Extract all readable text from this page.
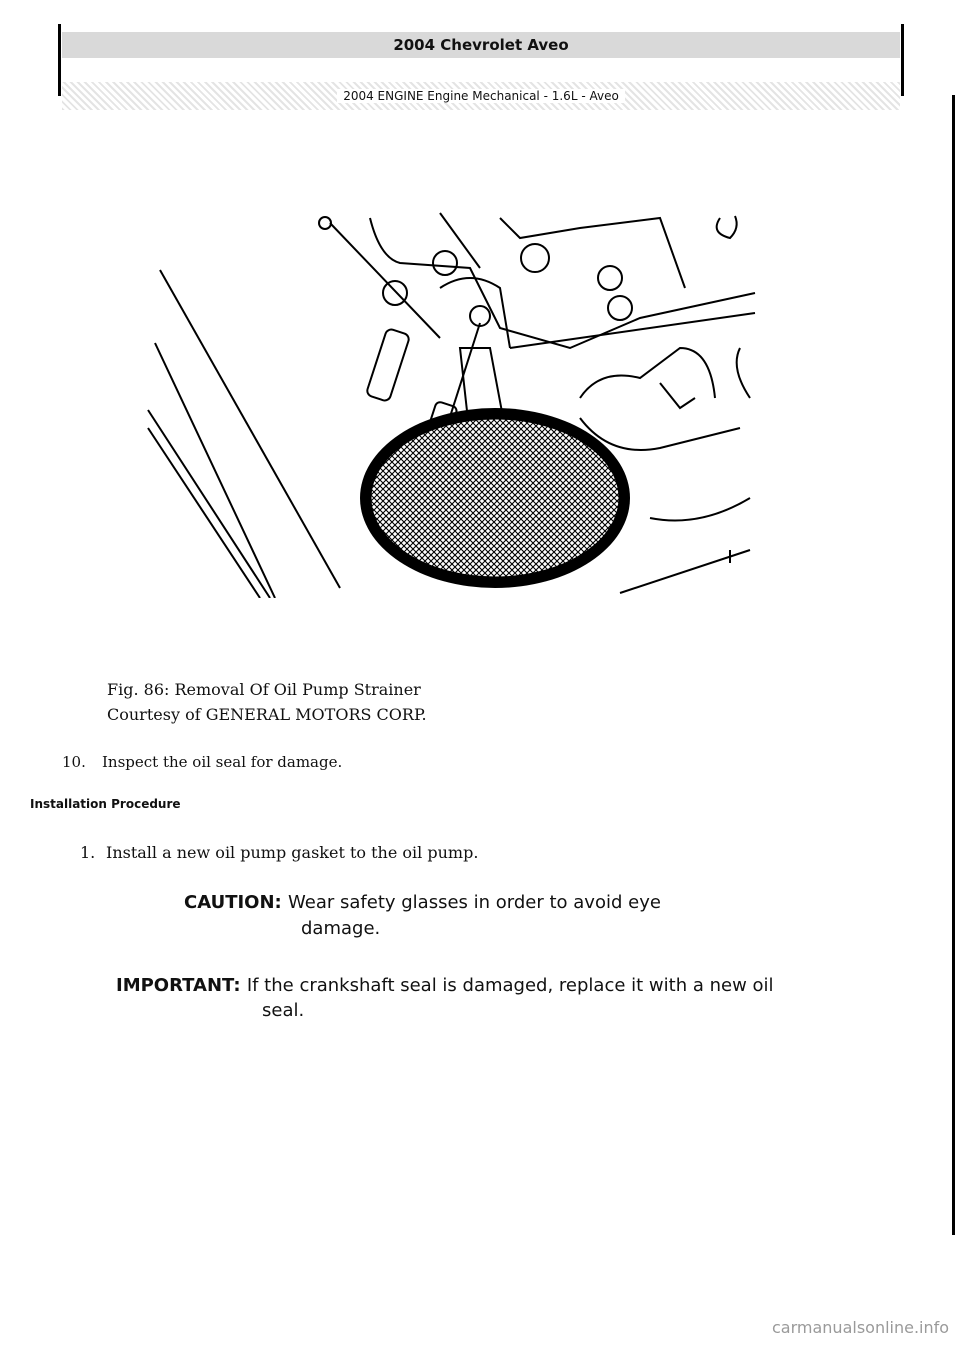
2004 Chevrolet Aveo
2004 ENGINE Engine Mechanical - 1.6L - Aveo
Fig. 86: Removal Of Oil Pump Strainer
Courtesy of GENERAL MOTORS CORP.
10. Inspect the oil seal for damage.
Installation Procedure
1. Install a new oil pump gasket to the oil pump.
CAUTION: Wear safety glasses in order to avoid eye
damage.
IMPORTANT: If the crankshaft seal is damaged, replace it with a new oil
seal.
carmanualsonline.info
